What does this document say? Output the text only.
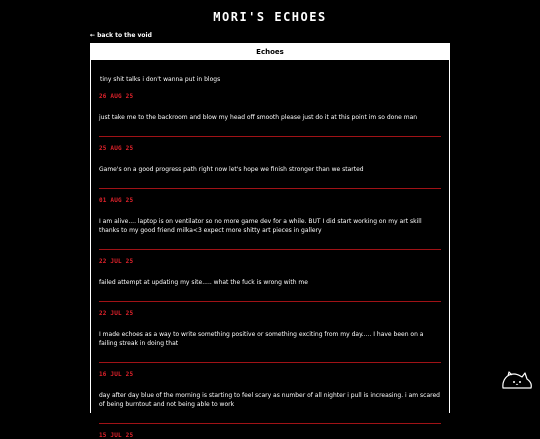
MORI'S ECHOES
← back to the void
Echoes
tiny shit talks i don't wanna put in blogs
26 AUG 25
just take me to the backroom and blow my head off smooth please just do it at this point im so done man
25 AUG 25
Game's on a good progress path right now let's hope we finish stronger than we started
01 AUG 25
I am alive.... laptop is on ventilator so no more game dev for a while. BUT I did start working on my art skill thanks to my good friend milka<3 expect more shitty art pieces in gallery
22 JUL 25
failed attempt at updating my site..... what the fuck is wrong with me
22 JUL 25
I made echoes as a way to write something positive or something exciting from my day..... I have been on a failing streak in doing that
16 JUL 25
day after day blue of the morning is starting to feel scary as number of all nighter i pull is increasing. i am scared of being burntout and not being able to work
15 JUL 25
